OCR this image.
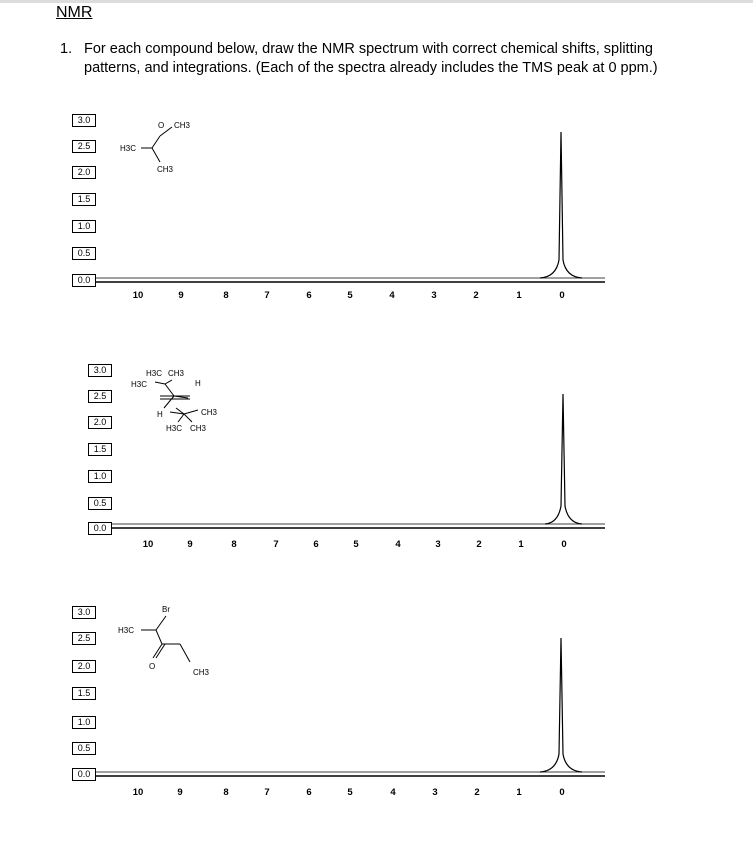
NMR
1. For each compound below, draw the NMR spectrum with correct chemical shifts, splitting patterns, and integrations. (Each of the spectra already includes the TMS peak at 0 ppm.)
O CH3
H3C
CH3
3.0
2.5
2.0
1.5
1.0
0.5
0.0
10	9	8	7	6	5	4	3	2	1	0
H3C CH3
H3C	H
H	CH3
H3C CH3
3.0
2.5
2.0
1.5
1.0
0.5
0.0
10	9	8	7	6	5	4	3	2	1	0
Br
H3C
O
CH3
3.0
2.5
2.0
1.5
1.0
0.5
0.0
10	9	8	7	6	5	4	3	2	1	0
